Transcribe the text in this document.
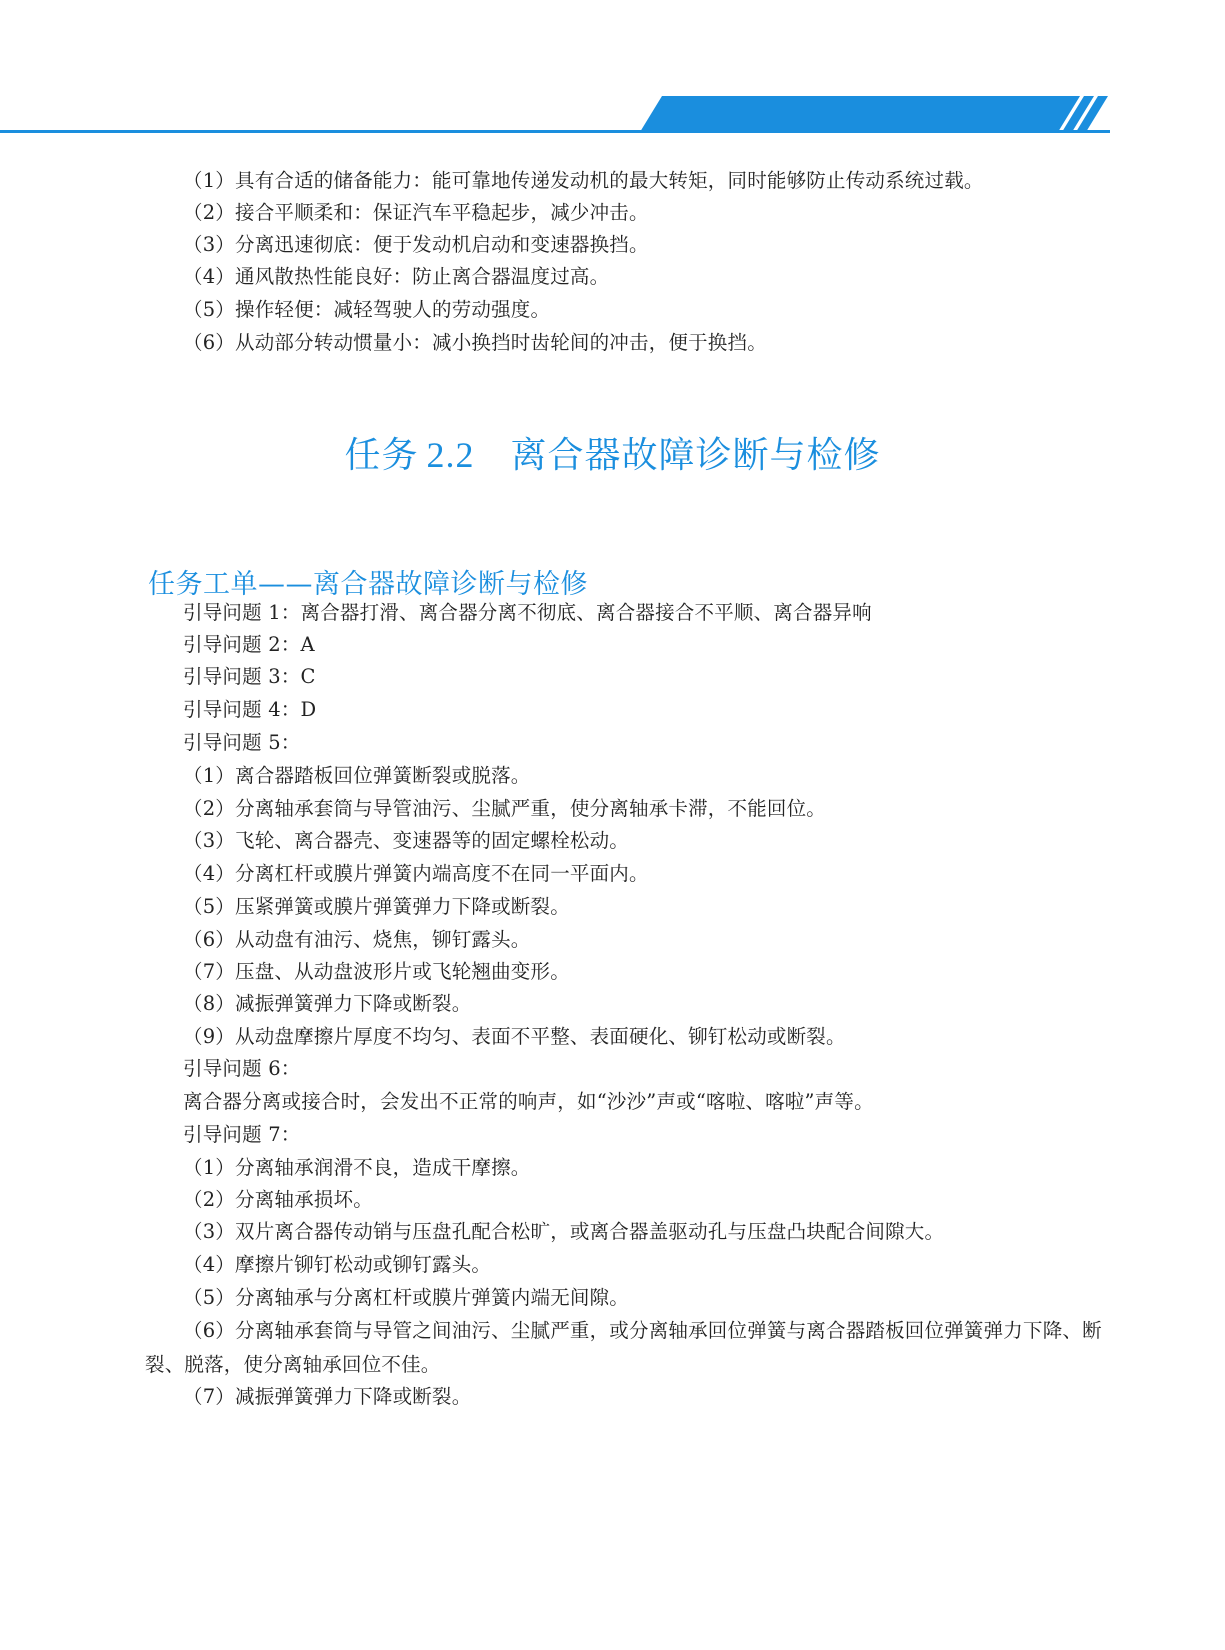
（1）具有合适的储备能力：能可靠地传递发动机的最大转矩，同时能够防止传动系统过载。
（2）接合平顺柔和：保证汽车平稳起步，减少冲击。
（3）分离迅速彻底：便于发动机启动和变速器换挡。
（4）通风散热性能良好：防止离合器温度过高。
（5）操作轻便：减轻驾驶人的劳动强度。
（6）从动部分转动惯量小：减小换挡时齿轮间的冲击，便于换挡。
任务 2.2 离合器故障诊断与检修
任务工单——离合器故障诊断与检修
引导问题 1：离合器打滑、离合器分离不彻底、离合器接合不平顺、离合器异响
引导问题 2：A
引导问题 3：C
引导问题 4：D
引导问题 5：
（1）离合器踏板回位弹簧断裂或脱落。
（2）分离轴承套筒与导管油污、尘腻严重，使分离轴承卡滞，不能回位。
（3）飞轮、离合器壳、变速器等的固定螺栓松动。
（4）分离杠杆或膜片弹簧内端高度不在同一平面内。
（5）压紧弹簧或膜片弹簧弹力下降或断裂。
（6）从动盘有油污、烧焦，铆钉露头。
（7）压盘、从动盘波形片或飞轮翘曲变形。
（8）减振弹簧弹力下降或断裂。
（9）从动盘摩擦片厚度不均匀、表面不平整、表面硬化、铆钉松动或断裂。
引导问题 6：
离合器分离或接合时，会发出不正常的响声，如“沙沙”声或“喀啦、喀啦”声等。
引导问题 7：
（1）分离轴承润滑不良，造成干摩擦。
（2）分离轴承损坏。
（3）双片离合器传动销与压盘孔配合松旷，或离合器盖驱动孔与压盘凸块配合间隙大。
（4）摩擦片铆钉松动或铆钉露头。
（5）分离轴承与分离杠杆或膜片弹簧内端无间隙。
（6）分离轴承套筒与导管之间油污、尘腻严重，或分离轴承回位弹簧与离合器踏板回位弹簧弹力下降、断裂、脱落，使分离轴承回位不佳。
（7）减振弹簧弹力下降或断裂。
